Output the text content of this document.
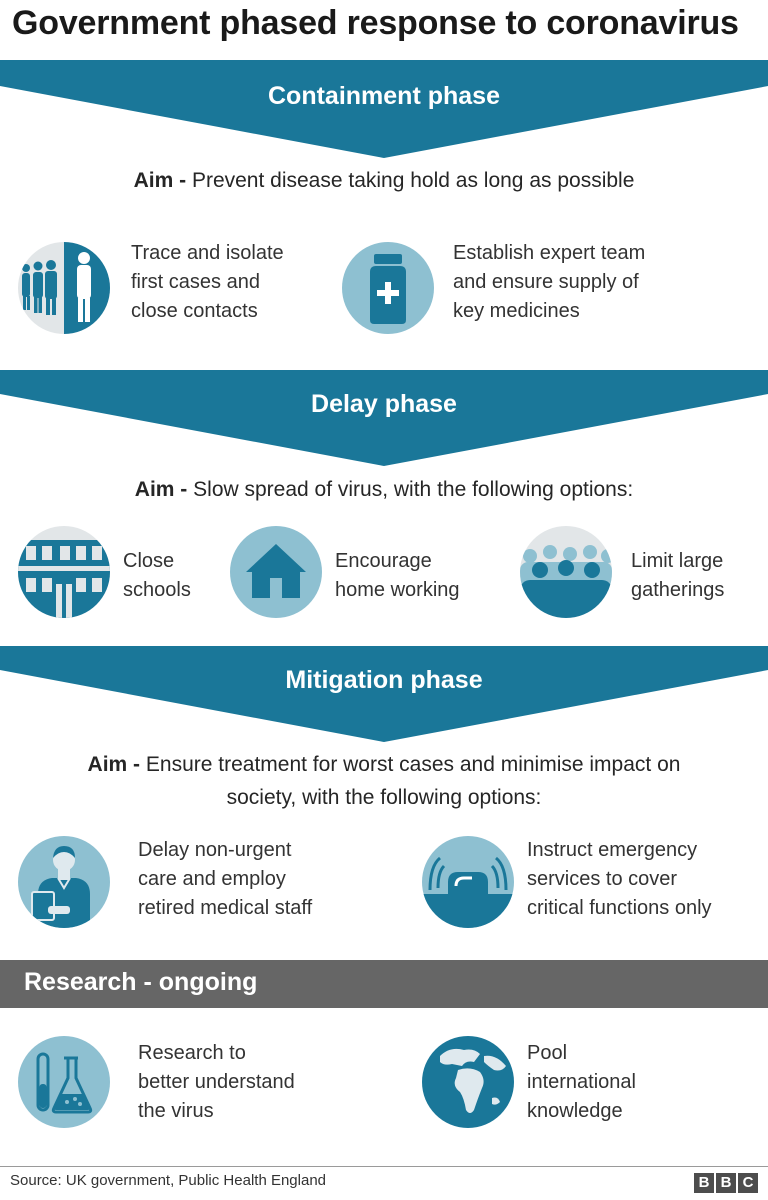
Government phased response to coronavirus
Containment phase
Aim - Prevent disease taking hold as long as possible
Trace and isolate
first cases and
close contacts
Establish expert team
and ensure supply of
key medicines
Delay phase
Aim - Slow spread of virus, with the following options:
Close
schools
Encourage
home working
Limit large
gatherings
Mitigation phase
Aim - Ensure treatment for worst cases and minimise impact on
society, with the following options:
Delay non-urgent
care and employ
retired medical staff
Instruct emergency
services to cover
critical functions only
Research - ongoing
Research to
better understand
the virus
Pool
international
knowledge
Source: UK government, Public Health England	B B C
